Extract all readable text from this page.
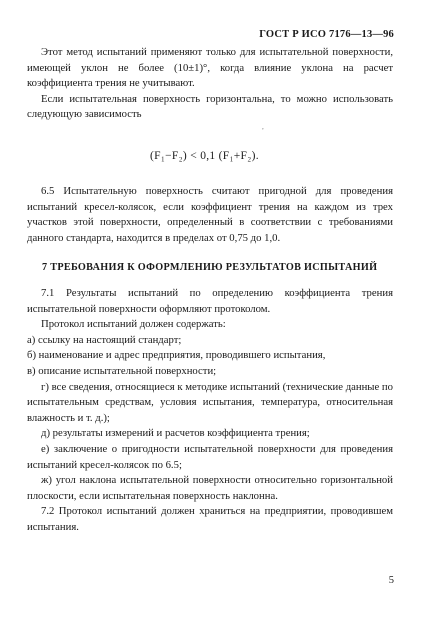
ГОСТ Р ИСО 7176—13—96

Этот метод испытаний применяют только для испытательной поверхности, имеющей уклон не более (10±1)°, когда влияние уклона на расчет коэффициента трения не учитывают.

Если испытательная поверхность горизонтальна, то можно использовать следующую зависимость

,
(F₁−F₂) < 0,1 (F₁+F₂).

6.5 Испытательную поверхность считают пригодной для проведения испытаний кресел-колясок, если коэффициент трения на каждом из трех участков этой поверхности, определенный в соответствии с требованиями данного стандарта, находится в пределах от 0,75 до 1,0.

7 ТРЕБОВАНИЯ К ОФОРМЛЕНИЮ РЕЗУЛЬТАТОВ ИСПЫТАНИЙ

7.1 Результаты испытаний по определению коэффициента трения испытательной поверхности оформляют протоколом.

Протокол испытаний должен содержать:

а) ссылку на настоящий стандарт;

б) наименование и адрес предприятия, проводившего испытания,

в) описание испытательной поверхности;

г) все сведения, относящиеся к методике испытаний (технические данные по испытательным средствам, условия испытания, температура, относительная влажность и т. д.);

д) результаты измерений и расчетов коэффициента трения;

е) заключение о пригодности испытательной поверхности для проведения испытаний кресел-колясок по 6.5;

ж) угол наклона испытательной поверхности относительно горизонтальной плоскости, если испытательная поверхность наклонна.

7.2 Протокол испытаний должен храниться на предприятии, проводившем испытания.

5
